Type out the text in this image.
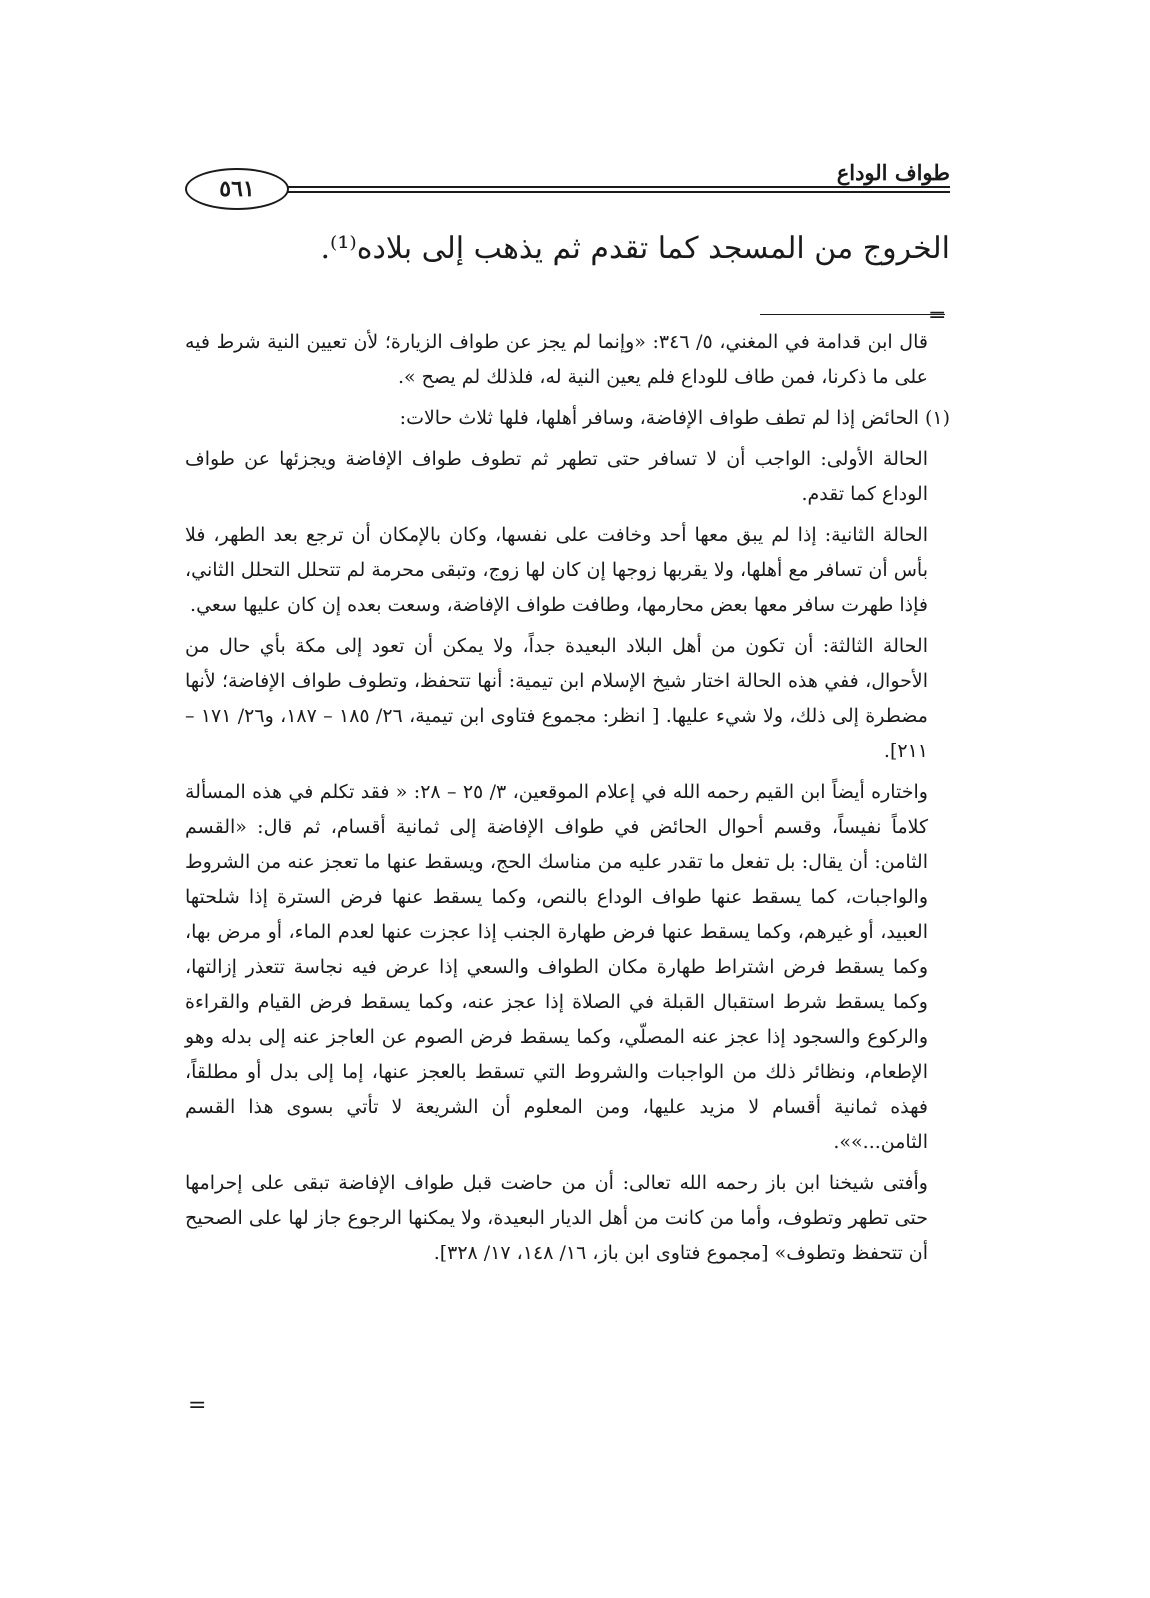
٥٦١
طواف الوداع
الخروج من المسجد كما تقدم ثم يذهب إلى بلاده⁽¹⁾.
=

قال ابن قدامة في المغني، ٥/ ٣٤٦: «وإنما لم يجز عن طواف الزيارة؛ لأن تعيين النية شرط فيه على ما ذكرنا، فمن طاف للوداع فلم يعين النية له، فلذلك لم يصح ».

(١) الحائض إذا لم تطف طواف الإفاضة، وسافر أهلها، فلها ثلاث حالات:

الحالة الأولى: الواجب أن لا تسافر حتى تطهر ثم تطوف طواف الإفاضة ويجزئها عن طواف الوداع كما تقدم.

الحالة الثانية: إذا لم يبق معها أحد وخافت على نفسها، وكان بالإمكان أن ترجع بعد الطهر، فلا بأس أن تسافر مع أهلها، ولا يقربها زوجها إن كان لها زوج، وتبقى محرمة لم تتحلل التحلل الثاني، فإذا طهرت سافر معها بعض محارمها، وطافت طواف الإفاضة، وسعت بعده إن كان عليها سعي.

الحالة الثالثة: أن تكون من أهل البلاد البعيدة جداً، ولا يمكن أن تعود إلى مكة بأي حال من الأحوال، ففي هذه الحالة اختار شيخ الإسلام ابن تيمية: أنها تتحفظ، وتطوف طواف الإفاضة؛ لأنها مضطرة إلى ذلك، ولا شيء عليها. [ انظر: مجموع فتاوى ابن تيمية، ٢٦/ ١٨٥ – ١٨٧، و٢٦/ ١٧١ – ٢١١].

واختاره أيضاً ابن القيم رحمه الله في إعلام الموقعين، ٣/ ٢٥ – ٢٨: « فقد تكلم في هذه المسألة كلاماً نفيساً، وقسم أحوال الحائض في طواف الإفاضة إلى ثمانية أقسام، ثم قال: «القسم الثامن: أن يقال: بل تفعل ما تقدر عليه من مناسك الحج، ويسقط عنها ما تعجز عنه من الشروط والواجبات، كما يسقط عنها طواف الوداع بالنص، وكما يسقط عنها فرض السترة إذا شلحتها العبيد، أو غيرهم، وكما يسقط عنها فرض طهارة الجنب إذا عجزت عنها لعدم الماء، أو مرض بها، وكما يسقط فرض اشتراط طهارة مكان الطواف والسعي إذا عرض فيه نجاسة تتعذر إزالتها، وكما يسقط شرط استقبال القبلة في الصلاة إذا عجز عنه، وكما يسقط فرض القيام والقراءة والركوع والسجود إذا عجز عنه المصلّي، وكما يسقط فرض الصوم عن العاجز عنه إلى بدله وهو الإطعام، ونظائر ذلك من الواجبات والشروط التي تسقط بالعجز عنها، إما إلى بدل أو مطلقاً، فهذه ثمانية أقسام لا مزيد عليها، ومن المعلوم أن الشريعة لا تأتي بسوى هذا القسم الثامن...»».

وأفتى شيخنا ابن باز رحمه الله تعالى: أن من حاضت قبل طواف الإفاضة تبقى على إحرامها حتى تطهر وتطوف، وأما من كانت من أهل الديار البعيدة، ولا يمكنها الرجوع جاز لها على الصحيح أن تتحفظ وتطوف» [مجموع فتاوى ابن باز، ١٦/ ١٤٨، ١٧/ ٣٢٨].

=
